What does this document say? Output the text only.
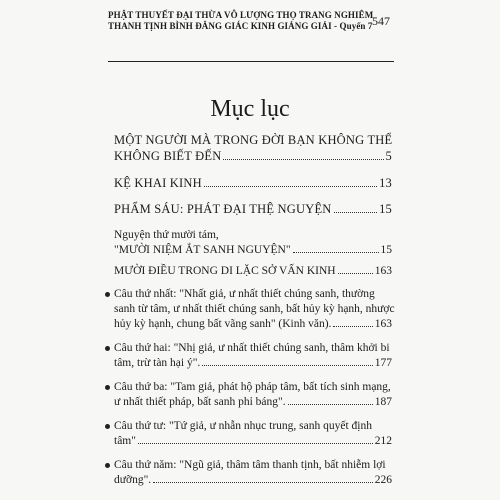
PHẬT THUYẾT ĐẠI THỪA VÔ LƯỢNG THỌ TRANG NGHIÊM
THANH TỊNH BÌNH ĐẲNG GIÁC KINH GIẢNG GIẢI - Quyển 7 547
Mục lục
MỘT NGƯỜI MÀ TRONG ĐỜI BẠN KHÔNG THỂ
KHÔNG BIẾT ĐẾN	5
KỆ KHAI KINH	13
PHẨM SÁU: PHÁT ĐẠI THỆ NGUYỆN	15
Nguyện thứ mười tám,
"MƯỜI NIỆM ẮT SANH NGUYỆN"	15
MƯỜI ĐIỀU TRONG DI LẶC SỞ VẤN KINH	163
Câu thứ nhất: "Nhất giả, ư nhất thiết chúng sanh, thường
sanh từ tâm, ư nhất thiết chúng sanh, bất hủy kỳ hạnh, nhược
hủy kỳ hạnh, chung bất vãng sanh" (Kinh văn).	163
Câu thứ hai: "Nhị giả, ư nhất thiết chúng sanh, thâm khởi bi
tâm, trừ tàn hại ý".	177
Câu thứ ba: "Tam giả, phát hộ pháp tâm, bất tích sinh mạng,
ư nhất thiết pháp, bất sanh phỉ báng".	187
Câu thứ tư: "Tứ giả, ư nhẫn nhục trung, sanh quyết định
tâm"	212
Câu thứ năm: "Ngũ giả, thâm tâm thanh tịnh, bất nhiễm lợi
dưỡng".	226
